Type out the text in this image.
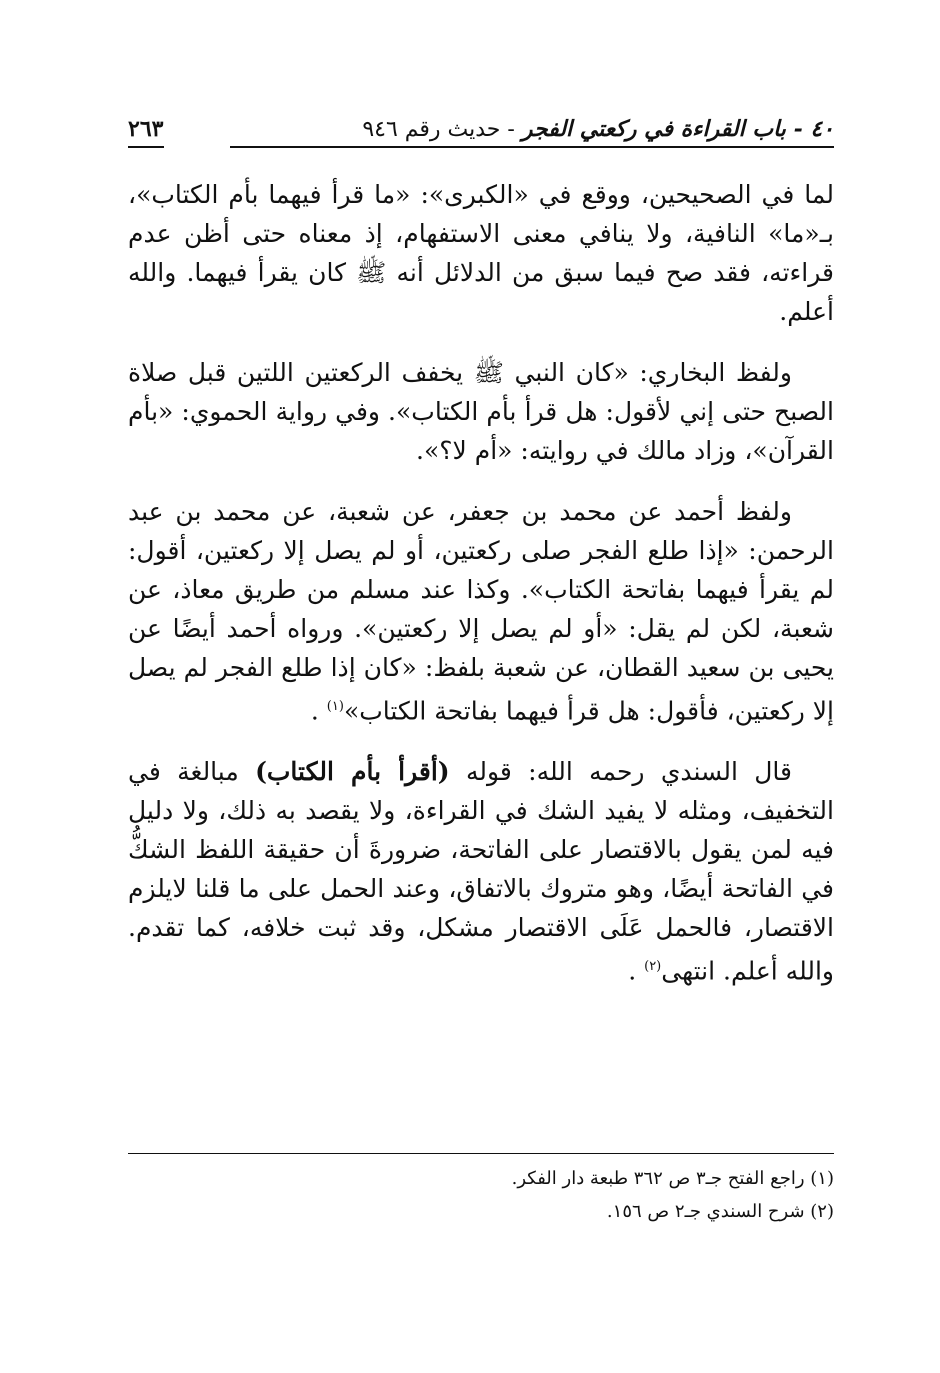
٢٦٣	٤٠ - باب القراءة في ركعتي الفجر - حديث رقم ٩٤٦

لما في الصحيحين، ووقع في «الكبرى»: «ما قرأ فيهما بأم الكتاب»، بـ«ما» النافية، ولا ينافي معنى الاستفهام، إذ معناه حتى أظن عدم قراءته، فقد صح فيما سبق من الدلائل أنه ﷺ كان يقرأ فيهما. والله أعلم.

ولفظ البخاري: «كان النبي ﷺ يخفف الركعتين اللتين قبل صلاة الصبح حتى إني لأقول: هل قرأ بأم الكتاب». وفي رواية الحموي: «بأم القرآن»، وزاد مالك في روايته: «أم لا؟».

ولفظ أحمد عن محمد بن جعفر، عن شعبة، عن محمد بن عبد الرحمن: «إذا طلع الفجر صلى ركعتين، أو لم يصل إلا ركعتين، أقول: لم يقرأ فيهما بفاتحة الكتاب». وكذا عند مسلم من طريق معاذ، عن شعبة، لكن لم يقل: «أو لم يصل إلا ركعتين». ورواه أحمد أيضًا عن يحيى بن سعيد القطان، عن شعبة بلفظ: «كان إذا طلع الفجر لم يصل إلا ركعتين، فأقول: هل قرأ فيهما بفاتحة الكتاب»$^{(١)}$ .

قال السندي رحمه الله: قوله (أقرأ بأم الكتاب) مبالغة في التخفيف، ومثله لا يفيد الشك في القراءة، ولا يقصد به ذلك، ولا دليل فيه لمن يقول بالاقتصار على الفاتحة، ضرورةَ أن حقيقة اللفظ الشكُّ في الفاتحة أيضًا، وهو متروك بالاتفاق، وعند الحمل على ما قلنا لايلزم الاقتصار، فالحمل عَلَى الاقتصار مشكل، وقد ثبت خلافه، كما تقدم. والله أعلم. انتهى$^{(٢)}$ .

(١) راجع الفتح جـ٣ ص ٣٦٢ طبعة دار الفكر.
(٢) شرح السندي جـ٢ ص ١٥٦.
